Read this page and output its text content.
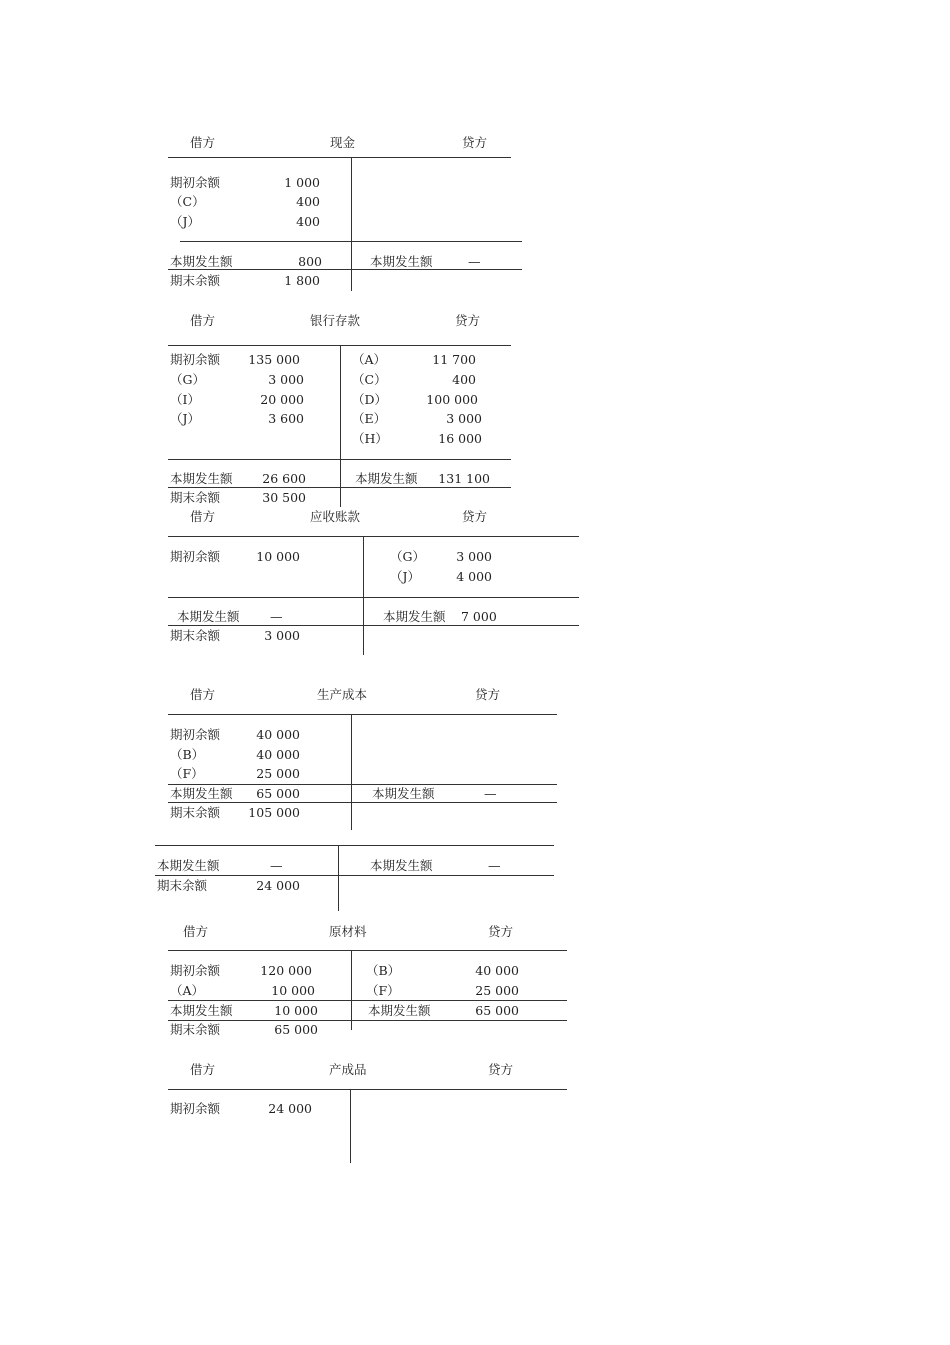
借方	现金	贷方
期初余额	1 000
（C）	400
（J）	400
本期发生额	800	本期发生额	—
期末余额	1 800
借方	银行存款	贷方
期初余额	135 000
（G）	3 000
（I）	20 000
（J）	3 600
（A）	11 700
（C）	400
（D）	100 000
（E）	3 000
（H）	16 000
本期发生额	26 600	本期发生额	131 100
期末余额	30 500
借方	应收账款	贷方
期初余额	10 000	（G）	3 000
（J）	4 000
本期发生额 —	本期发生额 7 000
期末余额	3 000
借方	生产成本	贷方
期初余额	40 000
（B）	40 000
（F）	25 000
本期发生额	65 000	本期发生额	—
期末余额	105 000
本期发生额	—	本期发生额	—
期末余额	24 000
借方	原材料	贷方
期初余额	120 000
（A）	10 000
（B）	40 000
（F）	25 000
本期发生额	10 000	本期发生额	65 000
期末余额	65 000
借方	产成品	贷方
期初余额	24 000
